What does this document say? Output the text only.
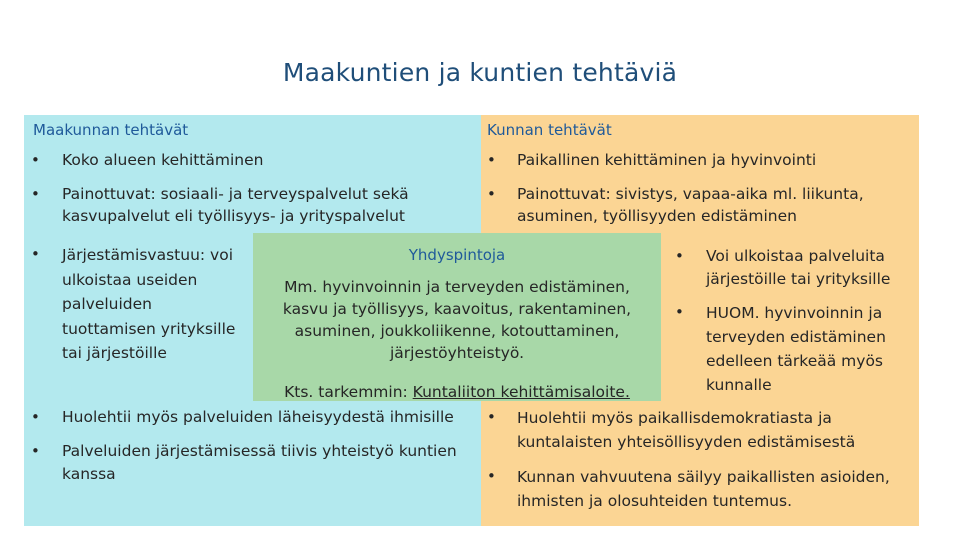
Maakuntien ja kuntien tehtäviä
Maakunnan tehtävät	Kunnan tehtävät
• Koko alueen kehittäminen
• Painottuvat: sosiaali- ja terveyspalvelut sekä
kasvupalvelut eli työllisyys- ja yrityspalvelut
• Järjestämisvastuu: voi
ulkoistaa useiden
palveluiden
tuottamisen yrityksille
tai järjestöille
• Huolehtii myös palveluiden läheisyydestä ihmisille
• Palveluiden järjestämisessä tiivis yhteistyö kuntien
kanssa
• Paikallinen kehittäminen ja hyvinvointi
• Painottuvat: sivistys, vapaa-aika ml. liikunta,
asuminen, työllisyyden edistäminen
• Voi ulkoistaa palveluita
järjestöille tai yrityksille
• HUOM. hyvinvoinnin ja
terveyden edistäminen
edelleen tärkeää myös
kunnalle
• Huolehtii myös paikallisdemokratiasta ja
kuntalaisten yhteisöllisyyden edistämisestä
• Kunnan vahvuutena säilyy paikallisten asioiden,
ihmisten ja olosuhteiden tuntemus.
Yhdyspintoja
Mm. hyvinvoinnin ja terveyden edistäminen,
kasvu ja työllisyys, kaavoitus, rakentaminen,
asuminen, joukkoliikenne, kotouttaminen,
järjestöyhteistyö.
Kts. tarkemmin: Kuntaliiton kehittämisaloite.
